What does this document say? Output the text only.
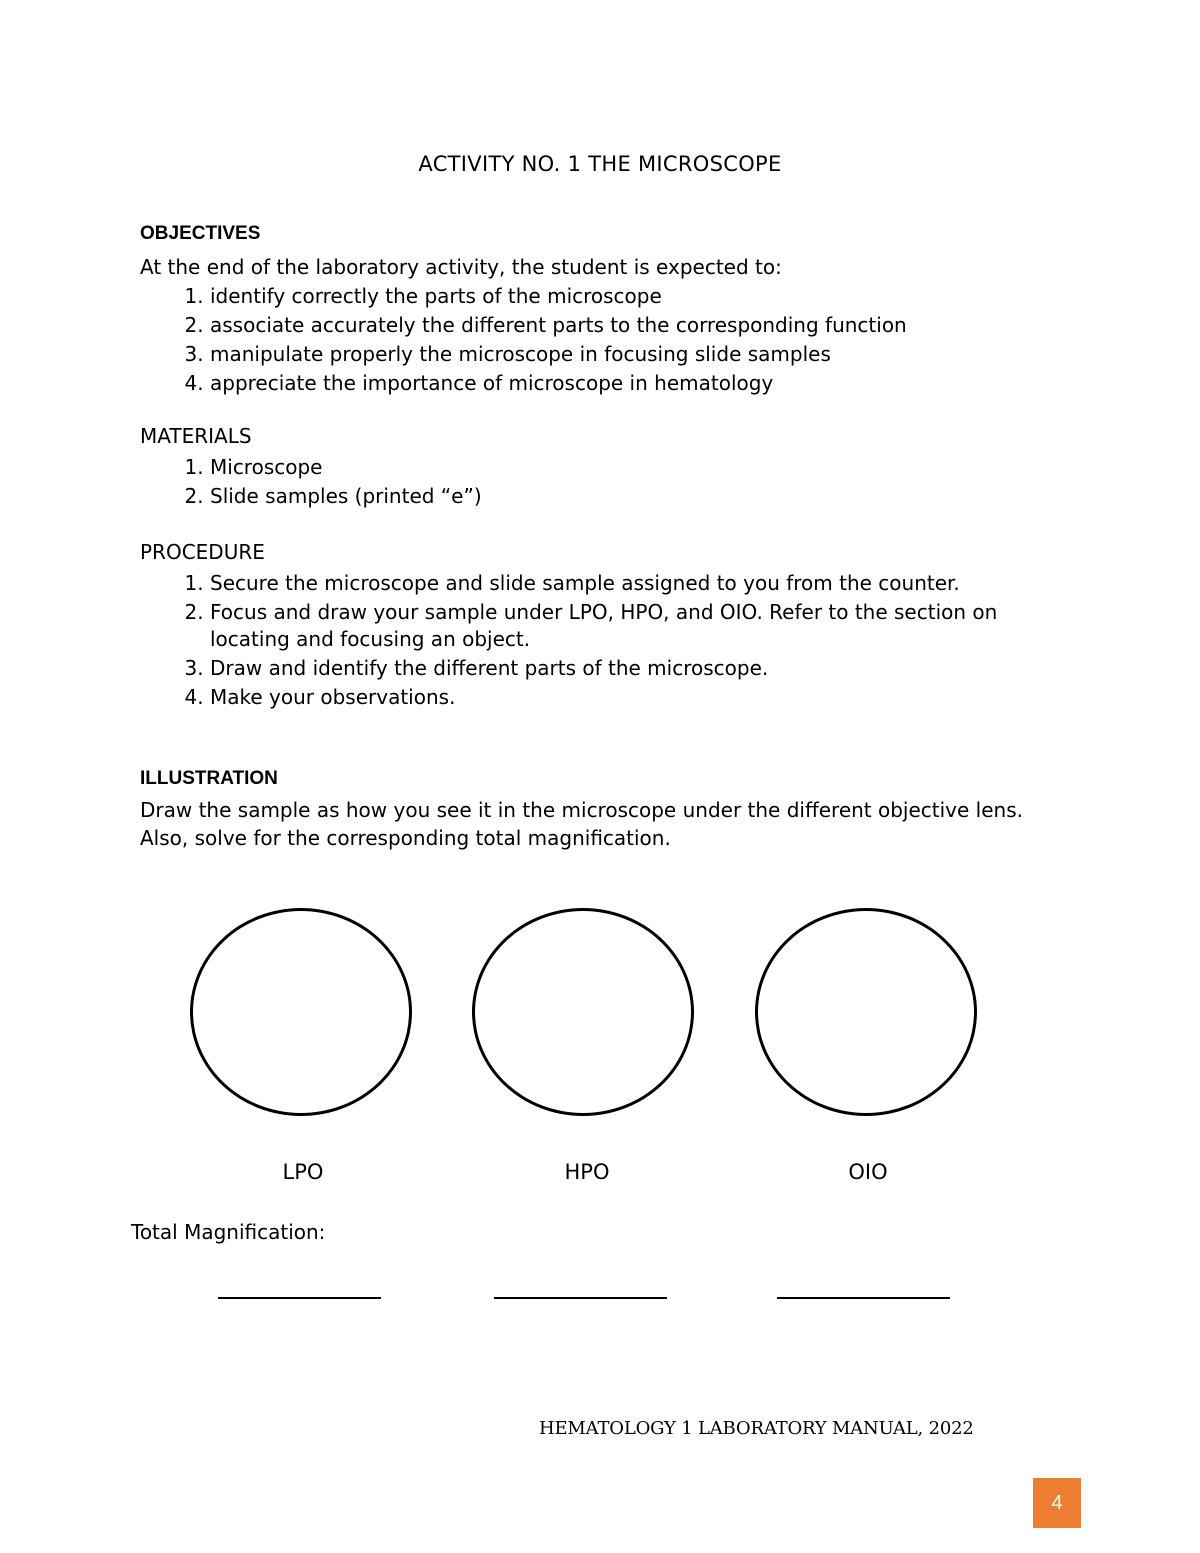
ACTIVITY NO. 1 THE MICROSCOPE
OBJECTIVES
At the end of the laboratory activity, the student is expected to:
1. identify correctly the parts of the microscope
2. associate accurately the different parts to the corresponding function
3. manipulate properly the microscope in focusing slide samples
4. appreciate the importance of microscope in hematology
MATERIALS
1. Microscope
2. Slide samples (printed “e”)
PROCEDURE
1. Secure the microscope and slide sample assigned to you from the counter.
2. Focus and draw your sample under LPO, HPO, and OIO. Refer to the section on locating and focusing an object.
3. Draw and identify the different parts of the microscope.
4. Make your observations.
ILLUSTRATION
Draw the sample as how you see it in the microscope under the different objective lens. Also, solve for the corresponding total magnification.
LPO	HPO	OIO
Total Magnification:
HEMATOLOGY 1 LABORATORY MANUAL, 2022
4
